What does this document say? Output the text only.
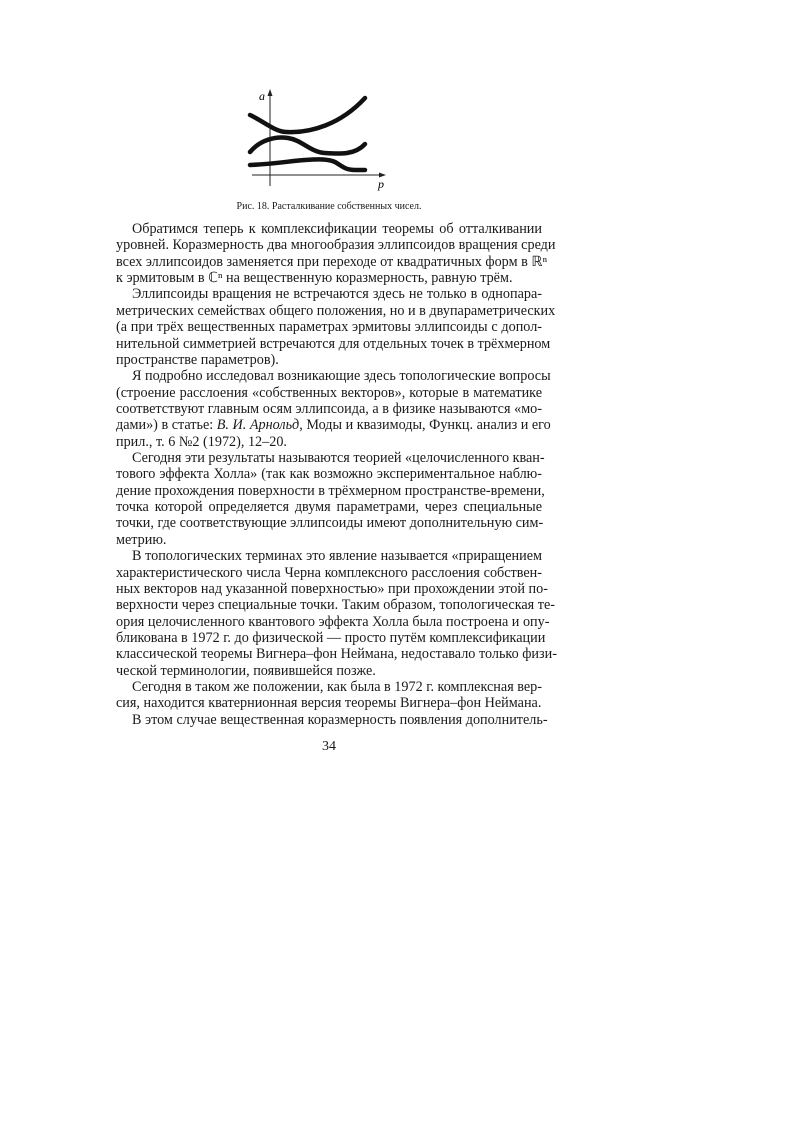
a
p
Рис. 18. Расталкивание собственных чисел.
Обратимся теперь к комплексификации теоремы об отталкивании
уровней. Коразмерность два многообразия эллипсоидов вращения среди
всех эллипсоидов заменяется при переходе от квадратичных форм в ℝⁿ
к эрмитовым в ℂⁿ на вещественную коразмерность, равную трём.
Эллипсоиды вращения не встречаются здесь не только в однопара-
метрических семействах общего положения, но и в двупараметрических
(а при трёх вещественных параметрах эрмитовы эллипсоиды с допол-
нительной симметрией встречаются для отдельных точек в трёхмерном
пространстве параметров).
Я подробно исследовал возникающие здесь топологические вопросы
(строение расслоения «собственных векторов», которые в математике
соответствуют главным осям эллипсоида, а в физике называются «мо-
дами») в статье: В. И. Арнольд, Моды и квазимоды, Функц. анализ и его
прил., т. 6 №2 (1972), 12–20.
Сегодня эти результаты называются теорией «целочисленного кван-
тового эффекта Холла» (так как возможно экспериментальное наблю-
дение прохождения поверхности в трёхмерном пространстве-времени,
точка которой определяется двумя параметрами, через специальные
точки, где соответствующие эллипсоиды имеют дополнительную сим-
метрию.
В топологических терминах это явление называется «приращением
характеристического числа Черна комплексного расслоения собствен-
ных векторов над указанной поверхностью» при прохождении этой по-
верхности через специальные точки. Таким образом, топологическая те-
ория целочисленного квантового эффекта Холла была построена и опу-
бликована в 1972 г. до физической — просто путём комплексификации
классической теоремы Вигнера–фон Неймана, недоставало только физи-
ческой терминологии, появившейся позже.
Сегодня в таком же положении, как была в 1972 г. комплексная вер-
сия, находится кватернионная версия теоремы Вигнера–фон Неймана.
В этом случае вещественная коразмерность появления дополнитель-
34
